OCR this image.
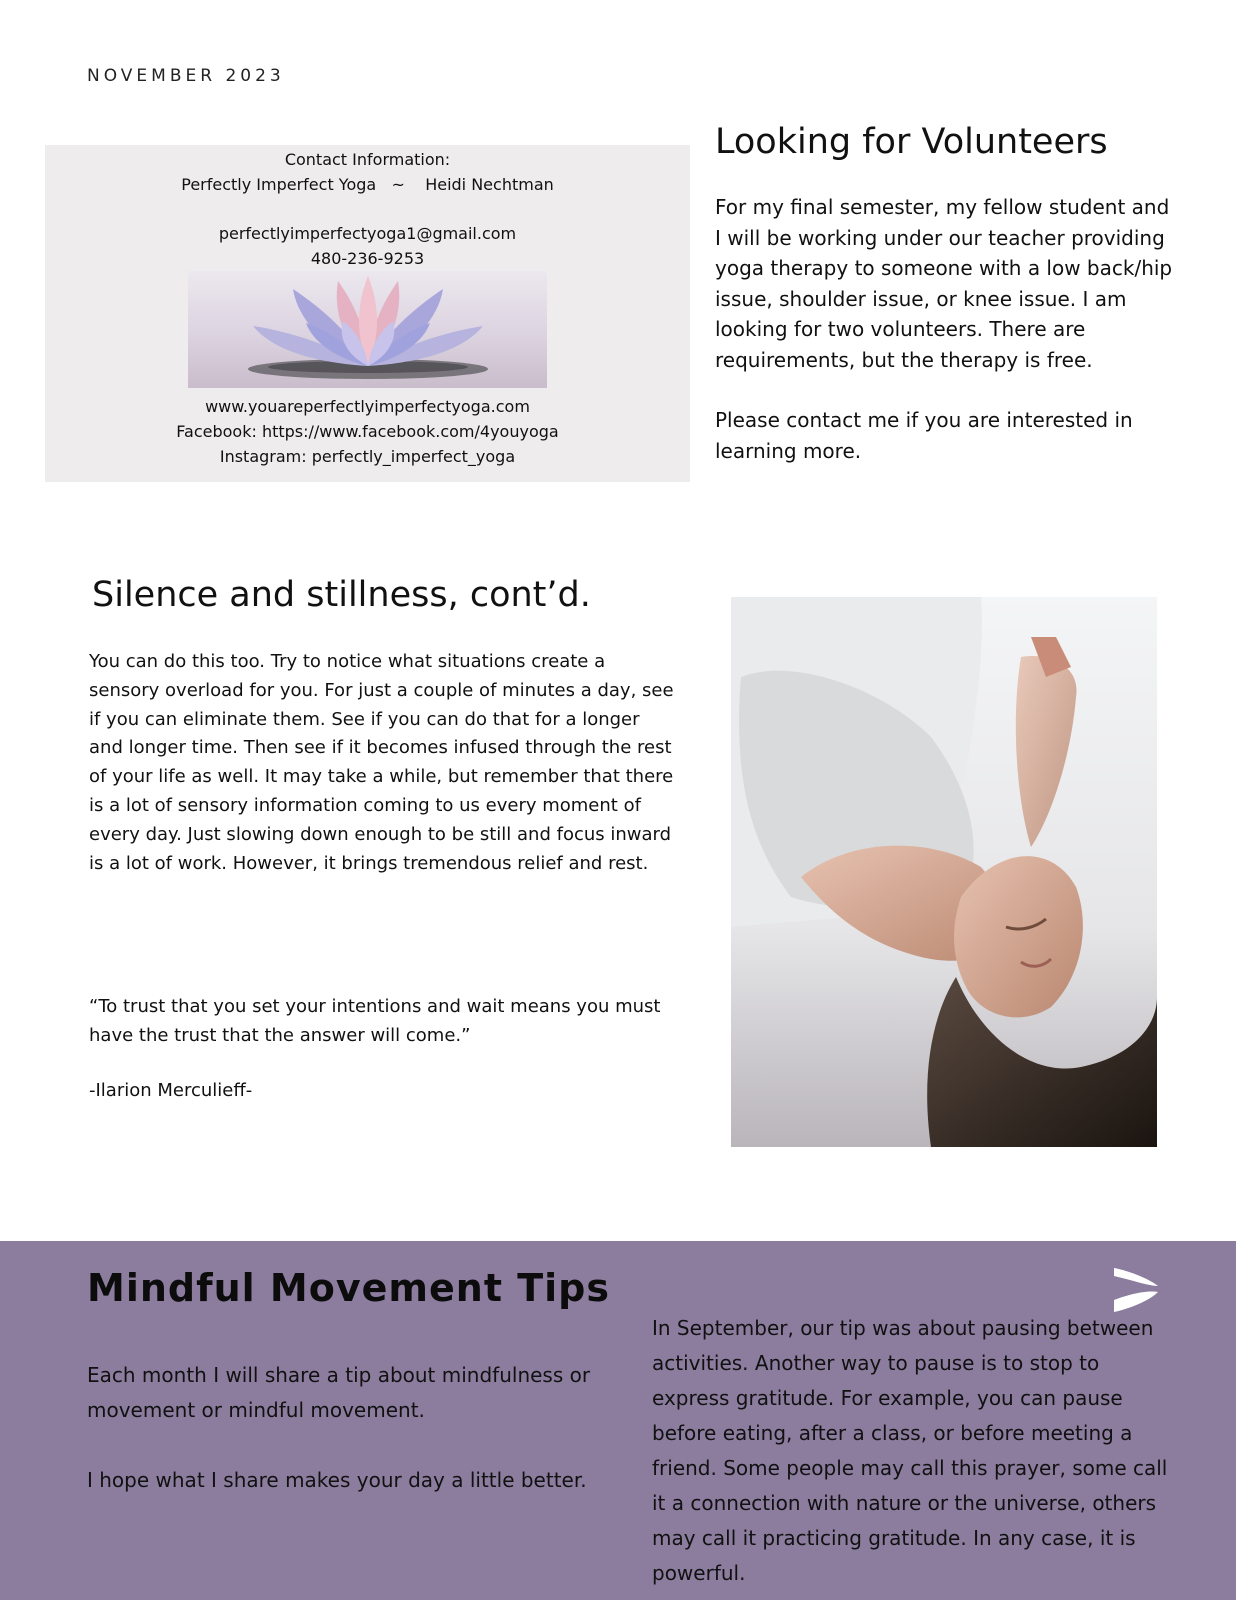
NOVEMBER 2023
Contact Information:
Perfectly Imperfect Yoga   ~    Heidi Nechtman
perfectlyimperfectyoga1@gmail.com
480-236-9253
www.youareperfectlyimperfectyoga.com
Facebook: https://www.facebook.com/4youyoga
Instagram: perfectly_imperfect_yoga
Looking for Volunteers

For my final semester, my fellow student and I will be working under our teacher providing yoga therapy to someone with a low back/hip issue, shoulder issue, or knee issue. I am looking for two volunteers. There are requirements, but the therapy is free.

Please contact me if you are interested in learning more.

Silence and stillness, cont’d.

You can do this too. Try to notice what situations create a sensory overload for you. For just a couple of minutes a day, see if you can eliminate them. See if you can do that for a longer and longer time. Then see if it becomes infused through the rest of your life as well. It may take a while, but remember that there is a lot of sensory information coming to us every moment of every day. Just slowing down enough to be still and focus inward is a lot of work. However, it brings tremendous relief and rest.

“To trust that you set your intentions and wait means you must have the trust that the answer will come.”

-Ilarion Merculieff-
Mindful Movement Tips

Each month I will share a tip about mindfulness or movement or mindful movement.

I hope what I share makes your day a little better.

In September, our tip was about pausing between activities. Another way to pause is to stop to express gratitude. For example, you can pause before eating, after a class, or before meeting a friend. Some people may call this prayer, some call it a connection with nature or the universe, others may call it practicing gratitude. In any case, it is powerful.
